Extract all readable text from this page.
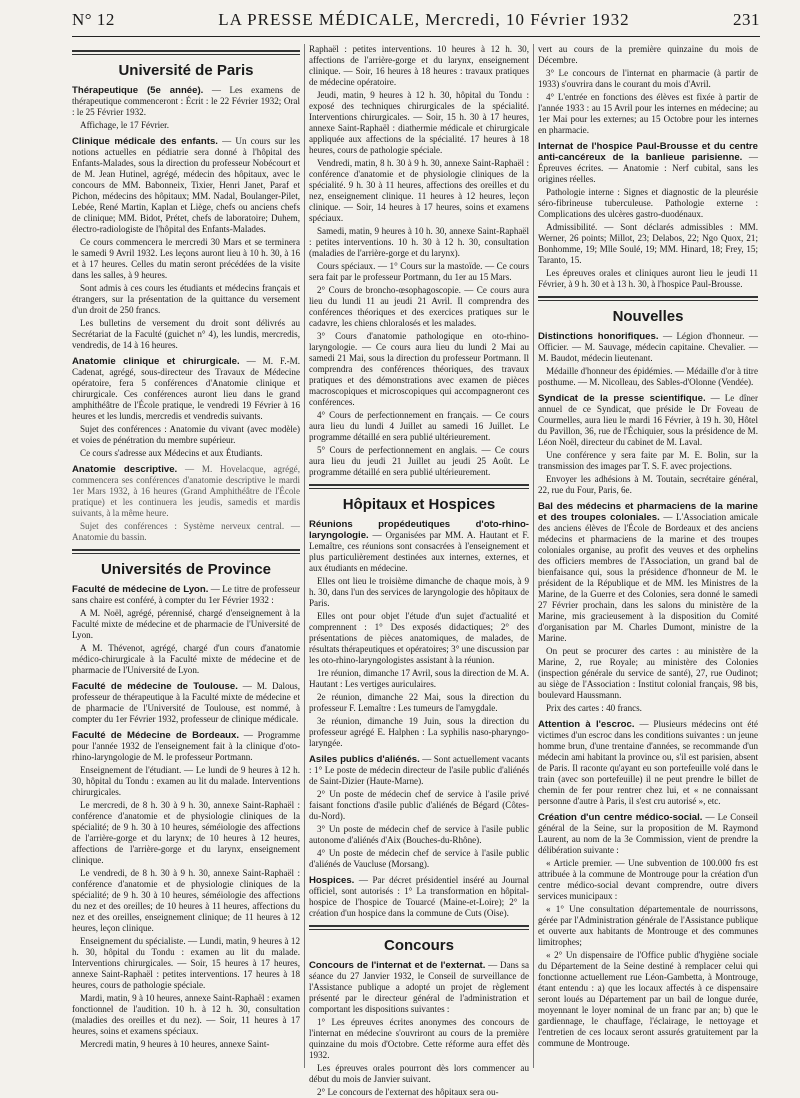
N° 12	LA PRESSE MÉDICALE, Mercredi, 10 Février 1932	231
Université de Paris

Thérapeutique (5e année). — Les examens de thérapeutique commenceront : Écrit : le 22 Février 1932; Oral : le 25 Février 1932.

Affichage, le 17 Février.

Clinique médicale des enfants. — Un cours sur les notions actuelles en pédiatrie sera donné à l'hôpital des Enfants-Malades, sous la direction du professeur Nobécourt et de M. Jean Hutinel, agrégé, médecin des hôpitaux, avec le concours de MM. Babonneix, Tixier, Henri Janet, Paraf et Pichon, médecins des hôpitaux; MM. Nadal, Boulanger-Pilet, Lebée, René Martin, Kaplan et Liège, chefs ou anciens chefs de clinique; MM. Bidot, Prétet, chefs de laboratoire; Duhem, électro-radiologiste de l'hôpital des Enfants-Malades.

Ce cours commencera le mercredi 30 Mars et se terminera le samedi 9 Avril 1932. Les leçons auront lieu à 10 h. 30, à 16 et à 17 heures. Celles du matin seront précédées de la visite dans les salles, à 9 heures.

Sont admis à ces cours les étudiants et médecins français et étrangers, sur la présentation de la quittance du versement d'un droit de 250 francs.

Les bulletins de versement du droit sont délivrés au Secrétariat de la Faculté (guichet n° 4), les lundis, mercredis, vendredis, de 14 à 16 heures.

Anatomie clinique et chirurgicale. — M. F.-M. Cadenat, agrégé, sous-directeur des Travaux de Médecine opératoire, fera 5 conférences d'Anatomie clinique et chirurgicale. Ces conférences auront lieu dans le grand amphithéâtre de l'École pratique, le vendredi 19 Février à 16 heures et les lundis, mercredis et vendredis suivants.

Sujet des conférences : Anatomie du vivant (avec modèle) et voies de pénétration du membre supérieur.

Ce cours s'adresse aux Médecins et aux Étudiants.

Anatomie descriptive. — M. Hovelacque, agrégé, commencera ses conférences d'anatomie descriptive le mardi 1er Mars 1932, à 16 heures (Grand Amphithéâtre de l'École pratique) et les continuera les jeudis, samedis et mardis suivants, à la même heure.

Sujet des conférences : Système nerveux central. — Anatomie du bassin.

Universités de Province

Faculté de médecine de Lyon. — Le titre de professeur sans chaire est conféré, à compter du 1er Février 1932 :

A M. Noël, agrégé, pérennisé, chargé d'enseignement à la Faculté mixte de médecine et de pharmacie de l'Université de Lyon.

A M. Thévenot, agrégé, chargé d'un cours d'anatomie médico-chirurgicale à la Faculté mixte de médecine et de pharmacie de l'Université de Lyon.

Faculté de médecine de Toulouse. — M. Dalous, professeur de thérapeutique à la Faculté mixte de médecine et de pharmacie de l'Université de Toulouse, est nommé, à compter du 1er Février 1932, professeur de clinique médicale.

Faculté de Médecine de Bordeaux. — Programme pour l'année 1932 de l'enseignement fait à la clinique d'oto-rhino-laryngologie de M. le professeur Portmann.

Enseignement de l'étudiant. — Le lundi de 9 heures à 12 h. 30, hôpital du Tondu : examen au lit du malade. Interventions chirurgicales.

Le mercredi, de 8 h. 30 à 9 h. 30, annexe Saint-Raphaël : conférence d'anatomie et de physiologie cliniques de la spécialité; de 9 h. 30 à 10 heures, séméiologie des affections de l'arrière-gorge et du larynx; de 10 heures à 12 heures, affections de l'arrière-gorge et du larynx, enseignement clinique.

Le vendredi, de 8 h. 30 à 9 h. 30, annexe Saint-Raphaël : conférence d'anatomie et de physiologie cliniques de la spécialité; de 9 h. 30 à 10 heures, séméiologie des affections du nez et des oreilles; de 10 heures à 11 heures, affections du nez et des oreilles, enseignement clinique; de 11 heures à 12 heures, leçon clinique.

Enseignement du spécialiste. — Lundi, matin, 9 heures à 12 h. 30, hôpital du Tondu : examen au lit du malade. Interventions chirurgicales. — Soir, 15 heures à 17 heures, annexe Saint-Raphaël : petites interventions. 17 heures à 18 heures, cours de pathologie spéciale.

Mardi, matin, 9 à 10 heures, annexe Saint-Raphaël : examen fonctionnel de l'audition. 10 h. à 12 h. 30, consultation (maladies des oreilles et du nez). — Soir, 11 heures à 17 heures, soins et examens spéciaux.

Mercredi matin, 9 heures à 10 heures, annexe Saint-

Raphaël : petites interventions. 10 heures à 12 h. 30, affections de l'arrière-gorge et du larynx, enseignement clinique. — Soir, 16 heures à 18 heures : travaux pratiques de médecine opératoire.

Jeudi, matin, 9 heures à 12 h. 30, hôpital du Tondu : exposé des techniques chirurgicales de la spécialité. Interventions chirurgicales. — Soir, 15 h. 30 à 17 heures, annexe Saint-Raphaël : diathermie médicale et chirurgicale appliquée aux affections de la spécialité. 17 heures à 18 heures, cours de pathologie spéciale.

Vendredi, matin, 8 h. 30 à 9 h. 30, annexe Saint-Raphaël : conférence d'anatomie et de physiologie cliniques de la spécialité. 9 h. 30 à 11 heures, affections des oreilles et du nez, enseignement clinique. 11 heures à 12 heures, leçon clinique. — Soir, 14 heures à 17 heures, soins et examens spéciaux.

Samedi, matin, 9 heures à 10 h. 30, annexe Saint-Raphaël : petites interventions. 10 h. 30 à 12 h. 30, consultation (maladies de l'arrière-gorge et du larynx).

Cours spéciaux. — 1° Cours sur la mastoïde. — Ce cours sera fait par le professeur Portmann, du 1er au 15 Mars.

2° Cours de broncho-œsophagoscopie. — Ce cours aura lieu du lundi 11 au jeudi 21 Avril. Il comprendra des conférences théoriques et des exercices pratiques sur le cadavre, les chiens chloralosés et les malades.

3° Cours d'anatomie pathologique en oto-rhino-laryngologie. — Ce cours aura lieu du lundi 2 Mai au samedi 21 Mai, sous la direction du professeur Portmann. Il comprendra des conférences théoriques, des travaux pratiques et des démonstrations avec examen de pièces macroscopiques et microscopiques qui accompagneront ces conférences.

4° Cours de perfectionnement en français. — Ce cours aura lieu du lundi 4 Juillet au samedi 16 Juillet. Le programme détaillé en sera publié ultérieurement.

5° Cours de perfectionnement en anglais. — Ce cours aura lieu du jeudi 21 Juillet au jeudi 25 Août. Le programme détaillé en sera publié ultérieurement.

Hôpitaux et Hospices

Réunions propédeutiques d'oto-rhino-laryngologie. — Organisées par MM. A. Hautant et F. Lemaître, ces réunions sont consacrées à l'enseignement et plus particulièrement destinées aux internes, externes, et aux étudiants en médecine.

Elles ont lieu le troisième dimanche de chaque mois, à 9 h. 30, dans l'un des services de laryngologie des hôpitaux de Paris.

Elles ont pour objet l'étude d'un sujet d'actualité et comprennent : 1° Des exposés didactiques; 2° des présentations de pièces anatomiques, de malades, de résultats thérapeutiques et opératoires; 3° une discussion par les oto-rhino-laryngologistes assistant à la réunion.

1re réunion, dimanche 17 Avril, sous la direction de M. A. Hautant : Les vertiges auriculaires.

2e réunion, dimanche 22 Mai, sous la direction du professeur F. Lemaître : Les tumeurs de l'amygdale.

3e réunion, dimanche 19 Juin, sous la direction du professeur agrégé E. Halphen : La syphilis naso-pharyngo-laryngée.

Asiles publics d'aliénés. — Sont actuellement vacants : 1° Le poste de médecin directeur de l'asile public d'aliénés de Saint-Dizier (Haute-Marne).

2° Un poste de médecin chef de service à l'asile privé faisant fonctions d'asile public d'aliénés de Bégard (Côtes-du-Nord).

3° Un poste de médecin chef de service à l'asile public autonome d'aliénés d'Aix (Bouches-du-Rhône).

4° Un poste de médecin chef de service à l'asile public d'aliénés de Vaucluse (Morsang).

Hospices. — Par décret présidentiel inséré au Journal officiel, sont autorisés : 1° La transformation en hôpital-hospice de l'hospice de Touarcé (Maine-et-Loire); 2° la création d'un hospice dans la commune de Cuts (Oise).

Concours

Concours de l'internat et de l'externat. — Dans sa séance du 27 Janvier 1932, le Conseil de surveillance de l'Assistance publique a adopté un projet de règlement présenté par le directeur général de l'administration et comportant les dispositions suivantes :

1° Les épreuves écrites anonymes des concours de l'internat en médecine s'ouvriront au cours de la première quinzaine du mois d'Octobre. Cette réforme aura effet dès 1932.

Les épreuves orales pourront dès lors commencer au début du mois de Janvier suivant.

2° Le concours de l'externat des hôpitaux sera ou-

vert au cours de la première quinzaine du mois de Décembre.

3° Le concours de l'internat en pharmacie (à partir de 1933) s'ouvrira dans le courant du mois d'Avril.

4° L'entrée en fonctions des élèves est fixée à partir de l'année 1933 : au 15 Avril pour les internes en médecine; au 1er Mai pour les externes; au 15 Octobre pour les internes en pharmacie.

Internat de l'hospice Paul-Brousse et du centre anti-cancéreux de la banlieue parisienne. — Épreuves écrites. — Anatomie : Nerf cubital, sans les origines réelles.

Pathologie interne : Signes et diagnostic de la pleurésie séro-fibrineuse tuberculeuse. Pathologie externe : Complications des ulcères gastro-duodénaux.

Admissibilité. — Sont déclarés admissibles : MM. Werner, 26 points; Millot, 23; Delabos, 22; Ngo Quox, 21; Bonhomme, 19; Mlle Soulé, 19; MM. Hinard, 18; Frey, 15; Taranto, 15.

Les épreuves orales et cliniques auront lieu le jeudi 11 Février, à 9 h. 30 et à 13 h. 30, à l'hospice Paul-Brousse.

Nouvelles

Distinctions honorifiques. — Légion d'honneur. — Officier. — M. Sauvage, médecin capitaine. Chevalier. — M. Baudot, médecin lieutenant.

Médaille d'honneur des épidémies. — Médaille d'or à titre posthume. — M. Nicolleau, des Sables-d'Olonne (Vendée).

Syndicat de la presse scientifique. — Le dîner annuel de ce Syndicat, que préside le Dr Foveau de Courmelles, aura lieu le mardi 16 Février, à 19 h. 30, Hôtel du Pavillon, 36, rue de l'Échiquier, sous la présidence de M. Léon Noël, directeur du cabinet de M. Laval.

Une conférence y sera faite par M. E. Bolin, sur la transmission des images par T. S. F. avec projections.

Envoyer les adhésions à M. Toutain, secrétaire général, 22, rue du Four, Paris, 6e.

Bal des médecins et pharmaciens de la marine et des troupes coloniales. — L'Association amicale des anciens élèves de l'École de Bordeaux et des anciens médecins et pharmaciens de la marine et des troupes coloniales organise, au profit des veuves et des orphelins des officiers membres de l'Association, un grand bal de bienfaisance qui, sous la présidence d'honneur de M. le président de la République et de MM. les Ministres de la Marine, de la Guerre et des Colonies, sera donné le samedi 27 Février prochain, dans les salons du ministère de la Marine, mis gracieusement à la disposition du Comité d'organisation par M. Charles Dumont, ministre de la Marine.

On peut se procurer des cartes : au ministère de la Marine, 2, rue Royale; au ministère des Colonies (inspection générale du service de santé), 27, rue Oudinot; au siège de l'Association : Institut colonial français, 98 bis, boulevard Haussmann.

Prix des cartes : 40 francs.

Attention à l'escroc. — Plusieurs médecins ont été victimes d'un escroc dans les conditions suivantes : un jeune homme brun, d'une trentaine d'années, se recommande d'un médecin ami habitant la province ou, s'il est parisien, absent de Paris. Il raconte qu'ayant eu son portefeuille volé dans le train (avec son portefeuille) il ne peut prendre le billet de chemin de fer pour rentrer chez lui, et « ne connaissant personne d'autre à Paris, il s'est cru autorisé », etc.

Création d'un centre médico-social. — Le Conseil général de la Seine, sur la proposition de M. Raymond Laurent, au nom de la 3e Commission, vient de prendre la délibération suivante :

« Article premier. — Une subvention de 100.000 frs est attribuée à la commune de Montrouge pour la création d'un centre médico-social devant comprendre, outre divers services municipaux :

« 1° Une consultation départementale de nourrissons, gérée par l'Administration générale de l'Assistance publique et ouverte aux habitants de Montrouge et des communes limitrophes;

« 2° Un dispensaire de l'Office public d'hygiène sociale du Département de la Seine destiné à remplacer celui qui fonctionne actuellement rue Léon-Gambetta, à Montrouge, étant entendu : a) que les locaux affectés à ce dispensaire seront loués au Département par un bail de longue durée, moyennant le loyer nominal de un franc par an; b) que le gardiennage, le chauffage, l'éclairage, le nettoyage et l'entretien de ces locaux seront assurés gratuitement par la commune de Montrouge.
